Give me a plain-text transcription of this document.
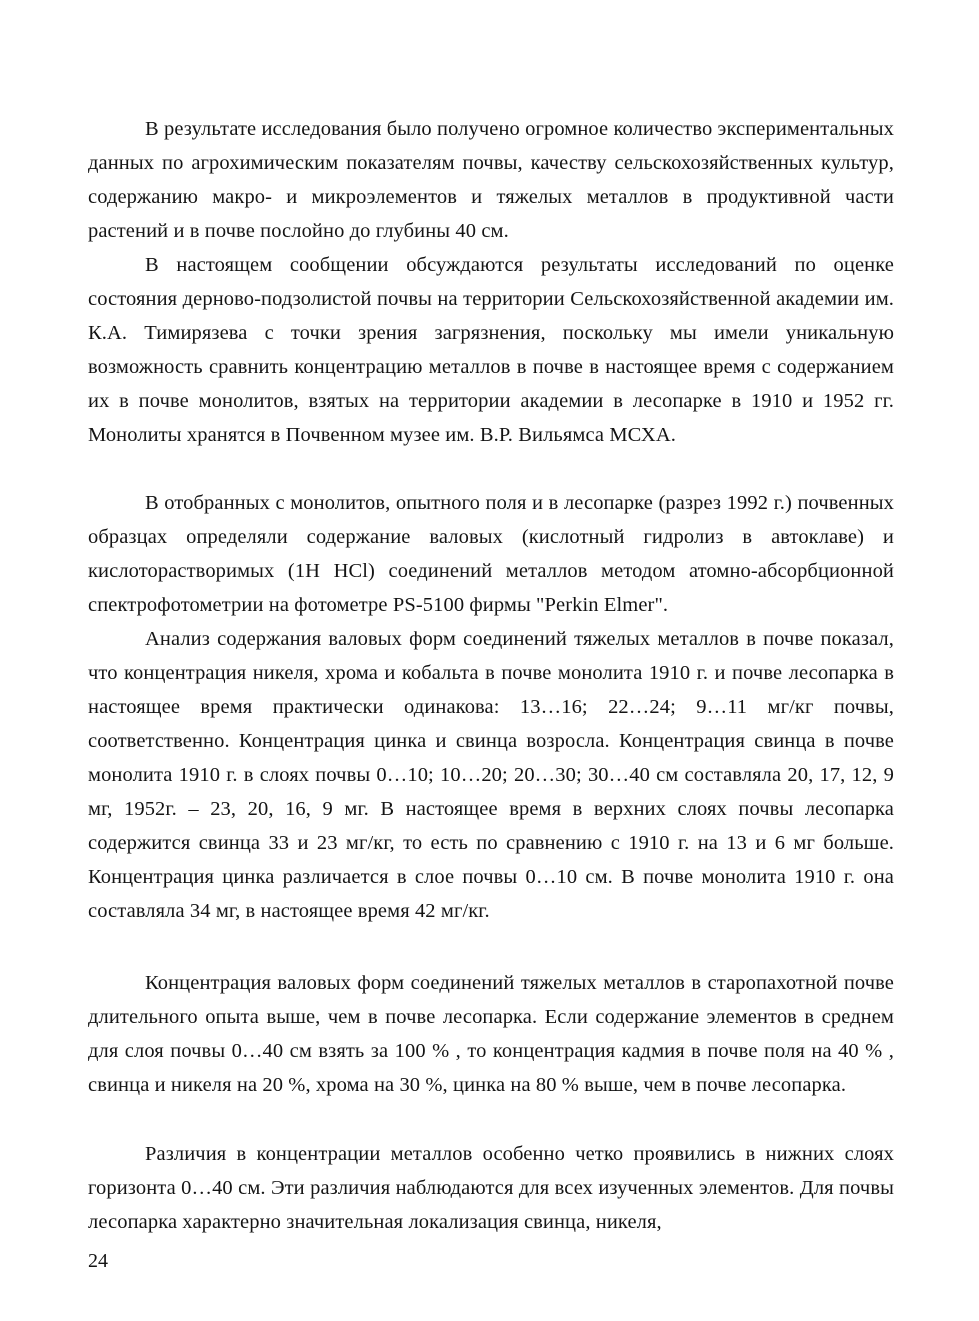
В результате исследования было получено огромное количество экспериментальных данных по агрохимическим показателям почвы, качеству сельскохозяйственных культур, содержанию макро- и микроэлементов и тяжелых металлов в продуктивной части растений и в почве послойно до глубины 40 см.

В настоящем сообщении обсуждаются результаты исследований по оценке состояния дерново-подзолистой почвы на территории Сельскохозяйственной академии им. К.А. Тимирязева с точки зрения загрязнения, поскольку мы имели уникальную возможность сравнить концентрацию металлов в почве в настоящее время с содержанием их в почве монолитов, взятых на территории академии в лесопарке в 1910 и 1952 гг. Монолиты хранятся в Почвенном музее им. В.Р. Вильямса МСХА.

В отобранных с монолитов, опытного поля и в лесопарке (разрез 1992 г.) почвенных образцах определяли содержание валовых (кислотный гидролиз в автоклаве) и кислоторастворимых (1Н НСl) соединений металлов методом атомно-абсорбционной спектрофотометрии на фотометре PS-5100 фирмы "Perkin Elmer".

Анализ содержания валовых форм соединений тяжелых металлов в почве показал, что концентрация никеля, хрома и кобальта в почве монолита 1910 г. и почве лесопарка в настоящее время практически одинакова: 13…16; 22…24; 9…11 мг/кг почвы, соответственно. Концентрация цинка и свинца возросла. Концентрация свинца в почве монолита 1910 г. в слоях почвы 0…10; 10…20; 20…30; 30…40 см составляла 20, 17, 12, 9 мг, 1952г. – 23, 20, 16, 9 мг. В настоящее время в верхних слоях почвы лесопарка содержится свинца 33 и 23 мг/кг, то есть по сравнению с 1910 г. на 13 и 6 мг больше. Концентрация цинка различается в слое почвы 0…10 см. В почве монолита 1910 г. она составляла 34 мг, в настоящее время 42 мг/кг.

Концентрация валовых форм соединений тяжелых металлов в старопахотной почве длительного опыта выше, чем в почве лесопарка. Если содержание элементов в среднем для слоя почвы 0…40 см взять за 100 % , то концентрация кадмия в почве поля на 40 % , свинца и никеля на 20 %, хрома на 30 %, цинка на 80 % выше, чем в почве лесопарка.

Различия в концентрации металлов особенно четко проявились в нижних слоях горизонта 0…40 см. Эти различия наблюдаются для всех изученных элементов. Для почвы лесопарка характерно значительная локализация свинца, никеля,

24
